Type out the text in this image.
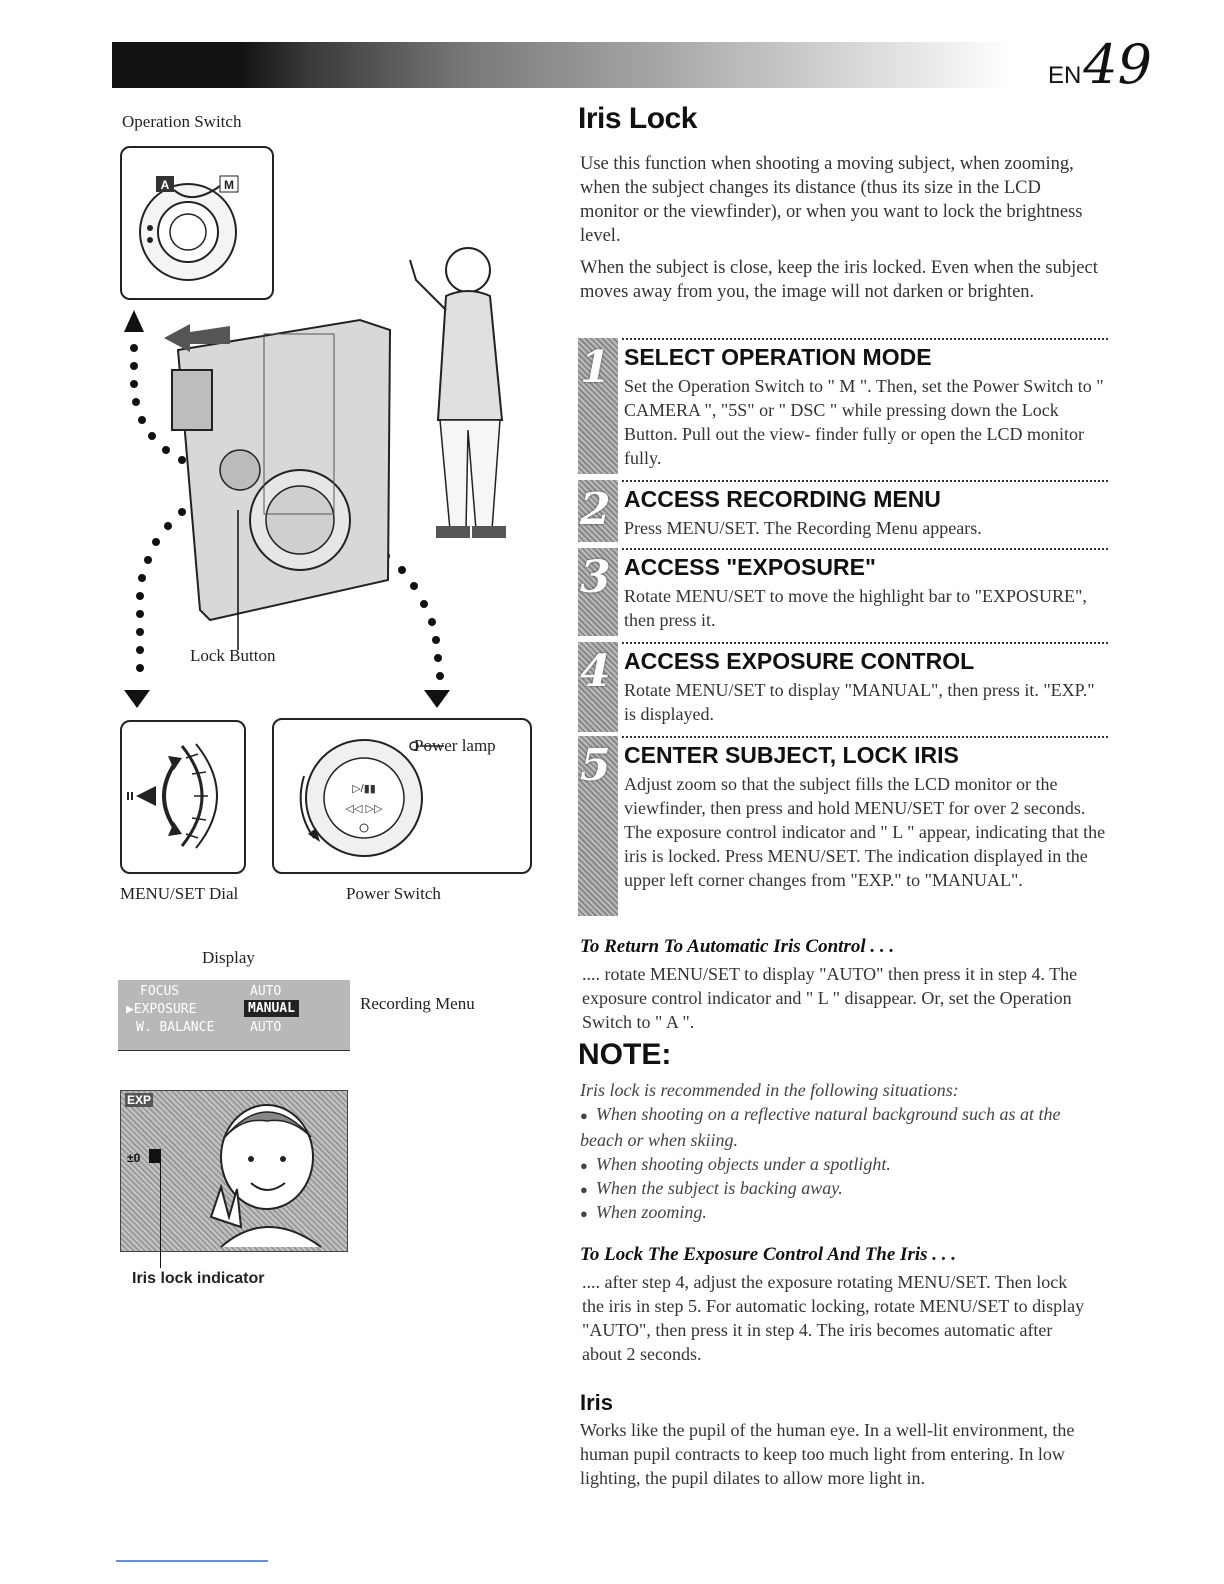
EN49
Operation Switch
A	M
Lock Button
▷/▮▮
◁◁ ▷▷
Power lamp
MENU/SET Dial	Power Switch
Display
FOCUS	AUTO
▶EXPOSURE	MANUAL
W. BALANCE	AUTO
Recording Menu
EXP
±0
Iris lock indicator
Iris Lock
Use this function when shooting a moving subject, when zooming, when the subject changes its distance (thus its size in the LCD monitor or the viewfinder), or when you want to lock the brightness level.
When the subject is close, keep the iris locked. Even when the subject moves away from you, the image will not darken or brighten.
1 SELECT OPERATION MODE
Set the Operation Switch to " M ". Then, set the Power Switch to " CAMERA ", "5S" or " DSC " while pressing down the Lock Button. Pull out the view- finder fully or open the LCD monitor fully.
2 ACCESS RECORDING MENU
Press MENU/SET. The Recording Menu appears.
3 ACCESS "EXPOSURE"
Rotate MENU/SET to move the highlight bar to "EXPOSURE", then press it.
4 ACCESS EXPOSURE CONTROL
Rotate MENU/SET to display "MANUAL", then press it. "EXP." is displayed.
5 CENTER SUBJECT, LOCK IRIS
Adjust zoom so that the subject fills the LCD monitor or the viewfinder, then press and hold MENU/SET for over 2 seconds. The exposure control indicator and " L " appear, indicating that the iris is locked. Press MENU/SET. The indication displayed in the upper left corner changes from "EXP." to "MANUAL".
To Return To Automatic Iris Control . . .
.... rotate MENU/SET to display "AUTO" then press it in step 4. The exposure control indicator and " L " disappear. Or, set the Operation Switch to " A ".
NOTE:
Iris lock is recommended in the following situations:
● When shooting on a reflective natural background such as at the beach or when skiing.
● When shooting objects under a spotlight.
● When the subject is backing away.
● When zooming.
To Lock The Exposure Control And The Iris . . .
.... after step 4, adjust the exposure rotating MENU/SET. Then lock the iris in step 5. For automatic locking, rotate MENU/SET to display "AUTO", then press it in step 4. The iris becomes automatic after about 2 seconds.
Iris
Works like the pupil of the human eye. In a well-lit environment, the human pupil contracts to keep too much light from entering. In low lighting, the pupil dilates to allow more light in.
